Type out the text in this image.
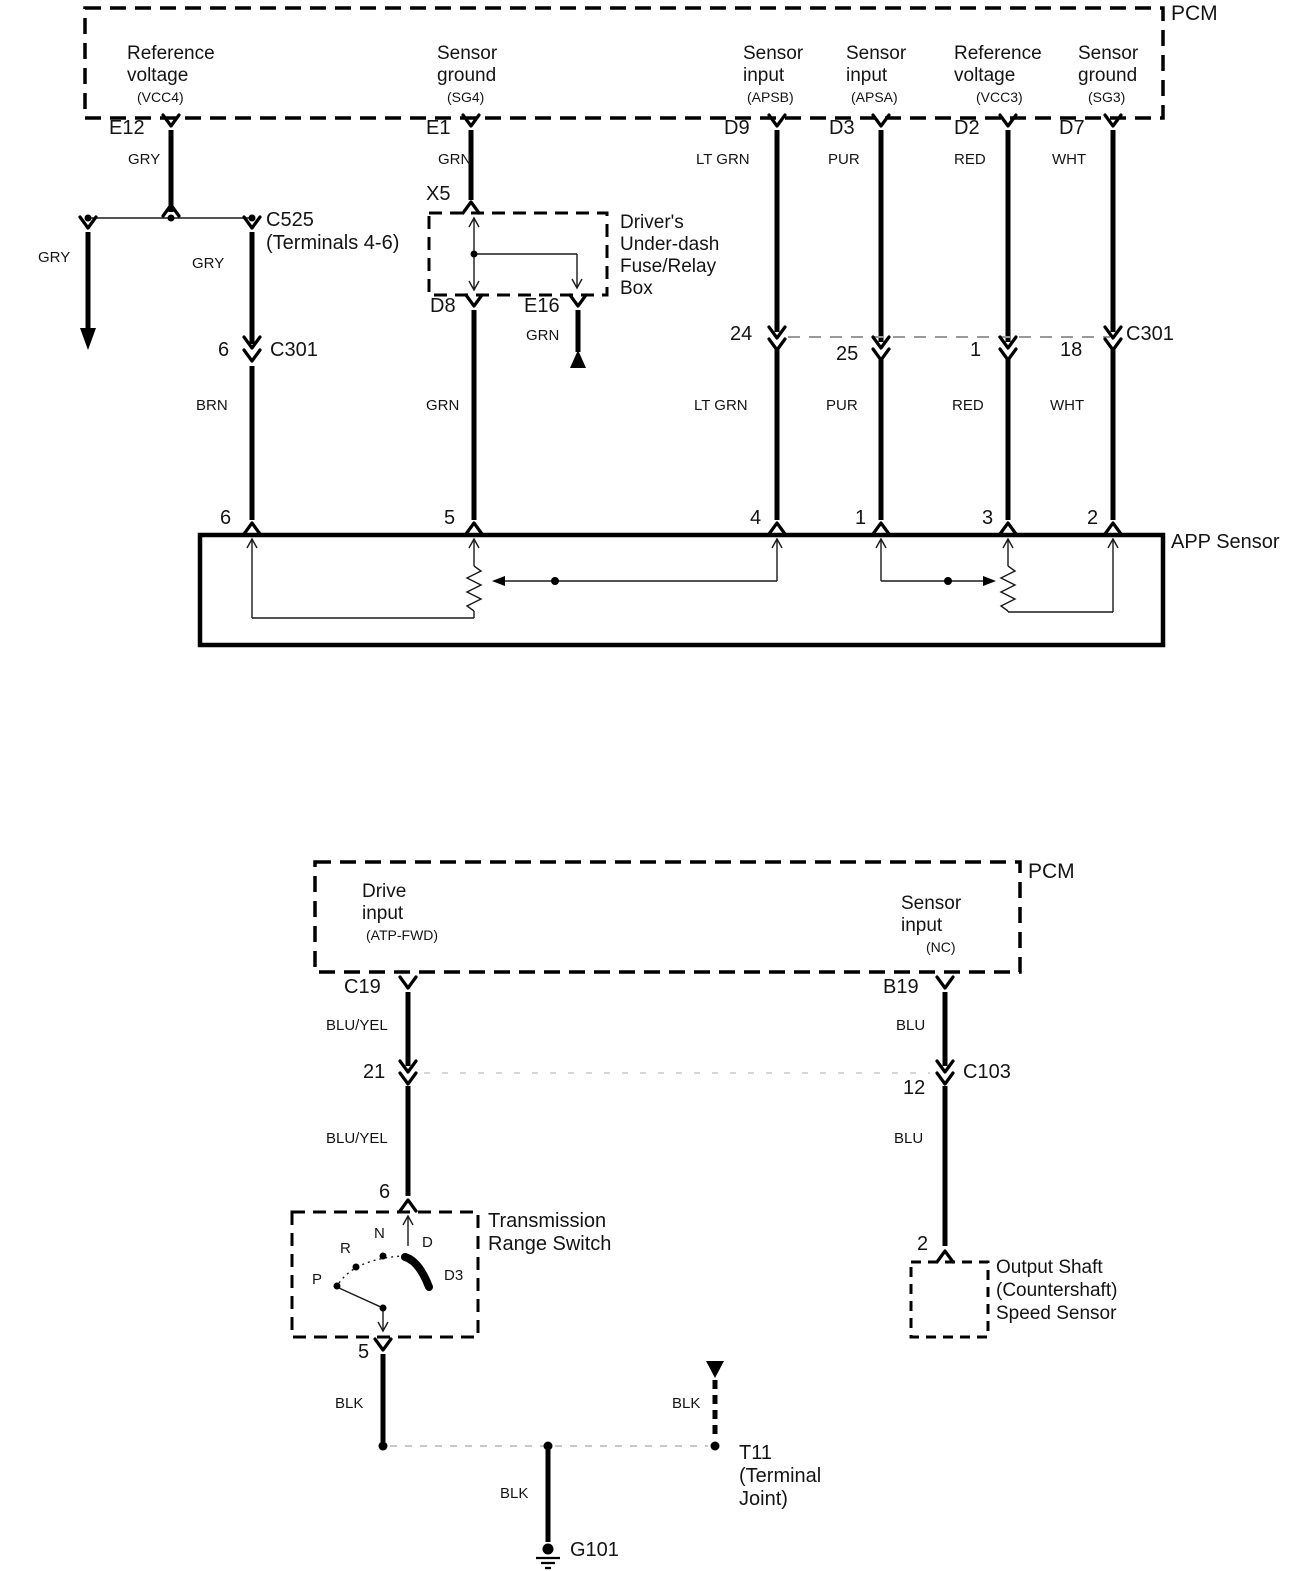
PCM
Reference
voltage
(VCC4)
Sensor
ground
(SG4)
Sensor
input
(APSB)
Sensor
input
(APSA)
Reference
voltage
(VCC3)
Sensor
ground
(SG3)
E12	E1	D9	D3	D2	D7
GRY	GRN	LT GRN	PUR	RED	WHT
X5
GRY
C525
(Terminals 4-6)
GRY
6 C301
BRN
6
Driver's
Under-dash
Fuse/Relay
Box
D8	E16
GRN
GRN
5
24
25	1	18
C301
LT GRN	PUR	RED	WHT
4	1	3	2
APP Sensor
PCM
Drive
input
(ATP-FWD)
Sensor
input
(NC)
C19	B19
BLU/YEL	BLU
21
12
C103
BLU/YEL	BLU
6
2
Transmission
Range Switch
N
R
P
D
D3
5
Output Shaft
(Countershaft)
Speed Sensor
BLK	BLK
BLK
T11
(Terminal
Joint)
G101
